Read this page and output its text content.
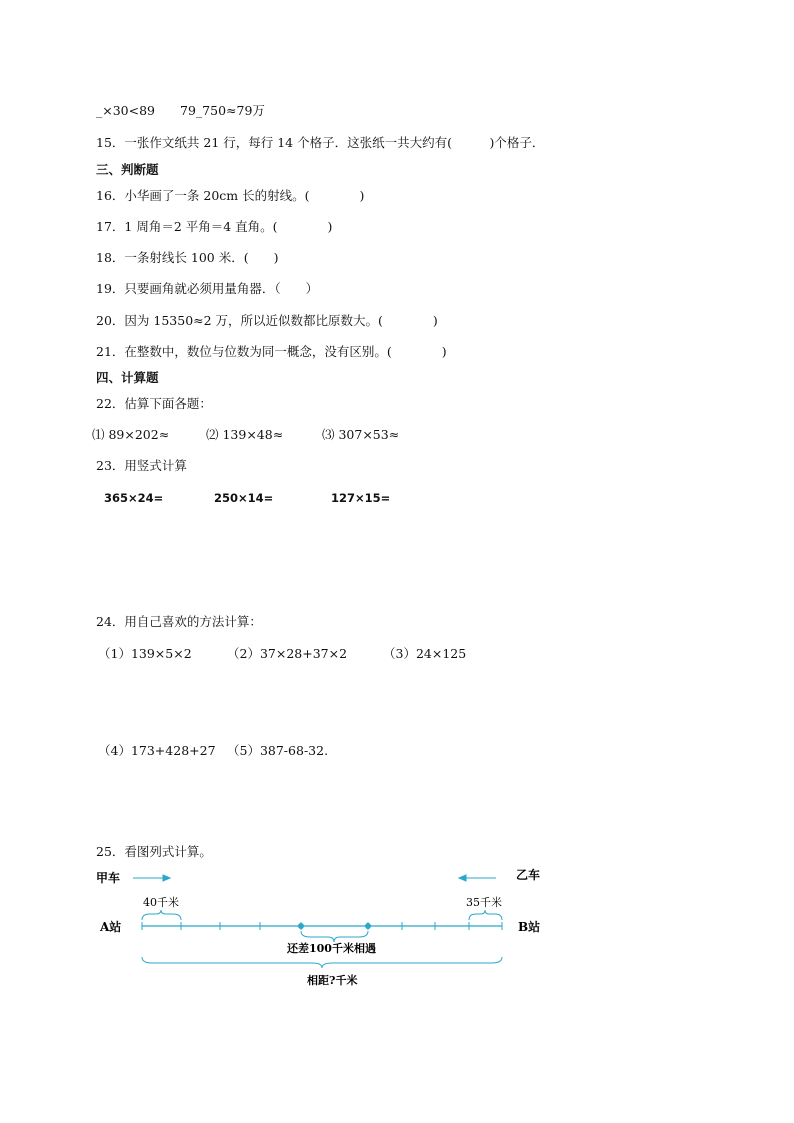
_×30<89　　79_750≈79万
15．一张作文纸共 21 行，每行 14 个格子．这张纸一共大约有(　　　)个格子．
三、判断题
16．小华画了一条 20cm 长的射线。(　　　　)
17．1 周角＝2 平角＝4 直角。(　　　　)
18．一条射线长 100 米．(　　)
19．只要画角就必须用量角器．（　　）
20．因为 15350≈2 万，所以近似数都比原数大。(　　　　)
21．在整数中，数位与位数为同一概念，没有区别。(　　　　)
四、计算题
22．估算下面各题：
⑴ 89×202≈	⑵ 139×48≈	⑶ 307×53≈
23．用竖式计算
365×24=	250×14=	127×15=
24．用自己喜欢的方法计算：
（1）139×5×2	（2）37×28+37×2	（3）24×125
（4）173+428+27 （5）387-68-32.
25．看图列式计算。
甲车	乙车
A站	B站
40千米	35千米
还差100千米相遇
相距?千米
